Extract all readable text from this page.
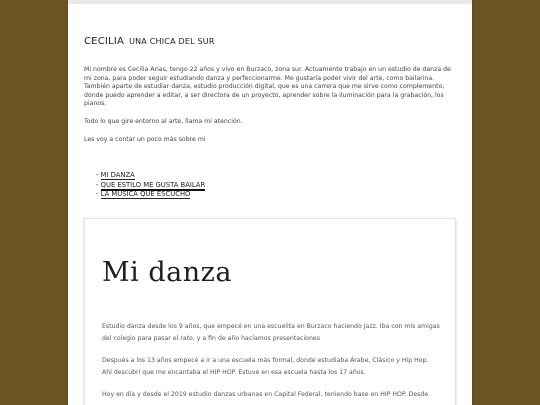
CECILIA UNA CHICA DEL SUR

Mi nombre es Cecilia Arias, tengo 22 años y vivo en Burzaco, zona sur. Actuamente trabajo en un estudio de danza de mi zona, para poder seguir estudiando danza y perfeccionarme. Me gustaría poder vivir del arte, como bailarina. También aparte de estudiar danza, estudio producción digital, que es una carrera que me sirve como complemento, donde puedo aprender a editar, a ser directora de un proyecto, aprender sobre la iluminación para la grabación, los pianos.

Todo lo que gire entorno al arte, llama mi atención.

Les voy a contar un poco más sobre mi

- MI DANZA
- QUE ESTILO ME GUSTA BAILAR
- LA MÚSICA QUE ESCUCHO
Mi danza

Estudio danza desde los 9 años, que empecé en una escuelita en Burzaco haciendo Jazz. Iba con mis amigas del colegio para pasar el rato, y a fin de año hacíamos presentaciones

Después a los 13 años empecé a ir a una escuela más formal, donde estudiaba Árabe, Clásico y Hip Hop. Ahí descubrí que me encantaba el HIP HOP. Estuve en esa escuela hasta los 17 años.

Hoy en día y desde el 2019 estudio danzas urbanas en Capital Federal, teniendo base en HIP HOP. Desde
